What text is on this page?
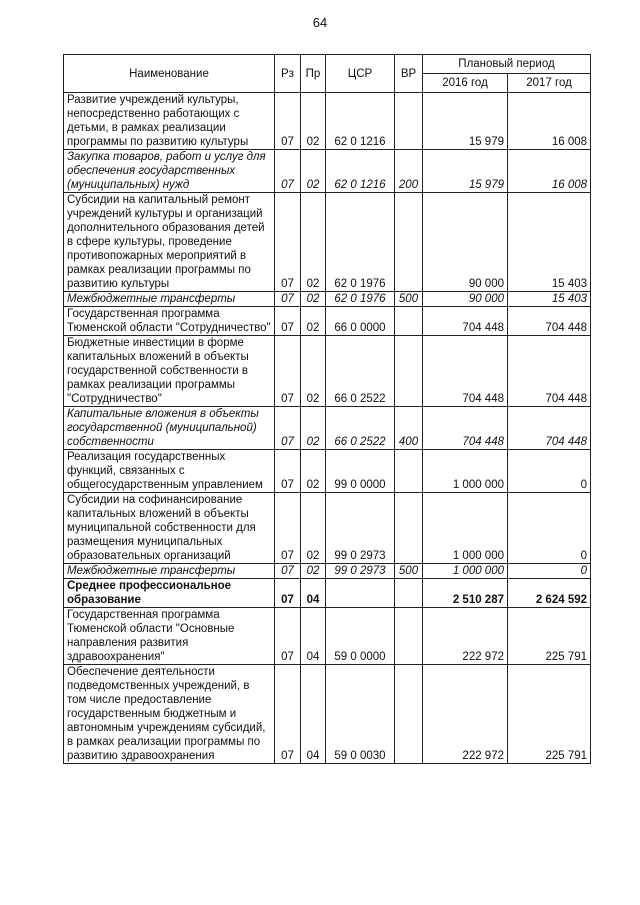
64
Наименование	Рз	Пр	ЦСР	ВР	Плановый период	
					2016 год	2017 год
Развитие учреждений культуры, непосредственно работающих с детьми, в рамках реализации программы по развитию культуры	07	02	62 0 1216		15 979	16 008
Закупка товаров, работ и услуг для обеспечения государственных (муниципальных) нужд	07	02	62 0 1216	200	15 979	16 008
Субсидии на капитальный ремонт учреждений культуры и организаций дополнительного образования детей в сфере культуры, проведение противопожарных мероприятий в рамках реализации программы по развитию культуры	07	02	62 0 1976		90 000	15 403
Межбюджетные трансферты	07	02	62 0 1976	500	90 000	15 403
Государственная программа Тюменской области "Сотрудничество"	07	02	66 0 0000		704 448	704 448
Бюджетные инвестиции в форме капитальных вложений в объекты государственной собственности в рамках реализации программы "Сотрудничество"	07	02	66 0 2522		704 448	704 448
Капитальные вложения в объекты государственной (муниципальной) собственности	07	02	66 0 2522	400	704 448	704 448
Реализация государственных функций, связанных с общегосударственным управлением	07	02	99 0 0000		1 000 000	0
Субсидии на софинансирование капитальных вложений в объекты муниципальной собственности для размещения муниципальных образовательных организаций	07	02	99 0 2973		1 000 000	0
Межбюджетные трансферты	07	02	99 0 2973	500	1 000 000	0
Среднее профессиональное образование	07	04			2 510 287	2 624 592
Государственная программа Тюменской области "Основные направления развития здравоохранения"	07	04	59 0 0000		222 972	225 791
Обеспечение деятельности подведомственных учреждений, в том числе предоставление государственным бюджетным и автономным учреждениям субсидий, в рамках реализации программы по развитию здравоохранения	07	04	59 0 0030		222 972	225 791
